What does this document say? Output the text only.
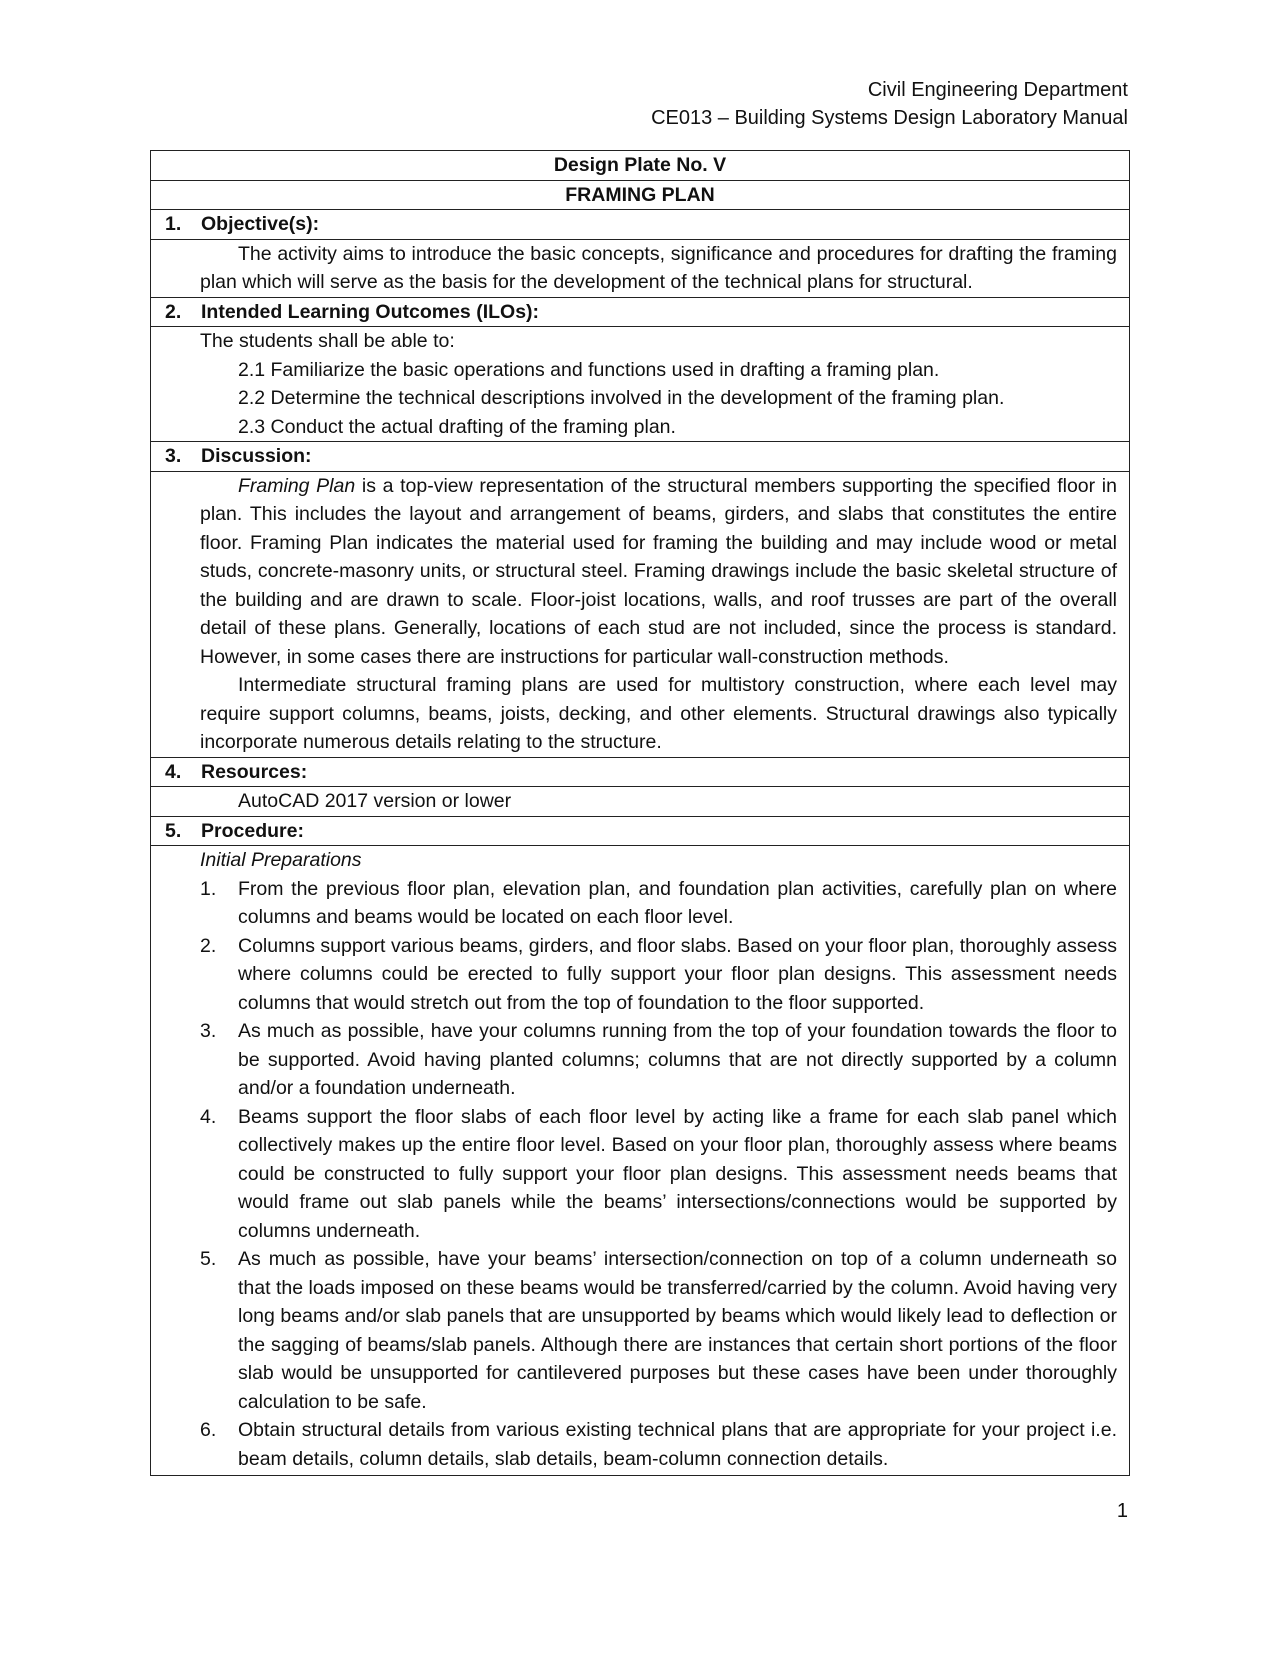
Civil Engineering Department
CE013 – Building Systems Design Laboratory Manual
Design Plate No. V
FRAMING PLAN
1. Objective(s):
The activity aims to introduce the basic concepts, significance and procedures for drafting the framing plan which will serve as the basis for the development of the technical plans for structural.
2. Intended Learning Outcomes (ILOs):
The students shall be able to:
2.1 Familiarize the basic operations and functions used in drafting a framing plan.
2.2 Determine the technical descriptions involved in the development of the framing plan.
2.3 Conduct the actual drafting of the framing plan.
3. Discussion:
Framing Plan is a top-view representation of the structural members supporting the specified floor in plan. This includes the layout and arrangement of beams, girders, and slabs that constitutes the entire floor. Framing Plan indicates the material used for framing the building and may include wood or metal studs, concrete-masonry units, or structural steel. Framing drawings include the basic skeletal structure of the building and are drawn to scale. Floor-joist locations, walls, and roof trusses are part of the overall detail of these plans. Generally, locations of each stud are not included, since the process is standard. However, in some cases there are instructions for particular wall-construction methods.
Intermediate structural framing plans are used for multistory construction, where each level may require support columns, beams, joists, decking, and other elements. Structural drawings also typically incorporate numerous details relating to the structure.
4. Resources:
AutoCAD 2017 version or lower
5. Procedure:
Initial Preparations
1.	From the previous floor plan, elevation plan, and foundation plan activities, carefully plan on where columns and beams would be located on each floor level.
2.	Columns support various beams, girders, and floor slabs. Based on your floor plan, thoroughly assess where columns could be erected to fully support your floor plan designs. This assessment needs columns that would stretch out from the top of foundation to the floor supported.
3.	As much as possible, have your columns running from the top of your foundation towards the floor to be supported. Avoid having planted columns; columns that are not directly supported by a column and/or a foundation underneath.
4.	Beams support the floor slabs of each floor level by acting like a frame for each slab panel which collectively makes up the entire floor level. Based on your floor plan, thoroughly assess where beams could be constructed to fully support your floor plan designs. This assessment needs beams that would frame out slab panels while the beams’ intersections/connections would be supported by columns underneath.
5.	As much as possible, have your beams’ intersection/connection on top of a column underneath so that the loads imposed on these beams would be transferred/carried by the column. Avoid having very long beams and/or slab panels that are unsupported by beams which would likely lead to deflection or the sagging of beams/slab panels. Although there are instances that certain short portions of the floor slab would be unsupported for cantilevered purposes but these cases have been under thoroughly calculation to be safe.
6.	Obtain structural details from various existing technical plans that are appropriate for your project i.e. beam details, column details, slab details, beam-column connection details.
1
